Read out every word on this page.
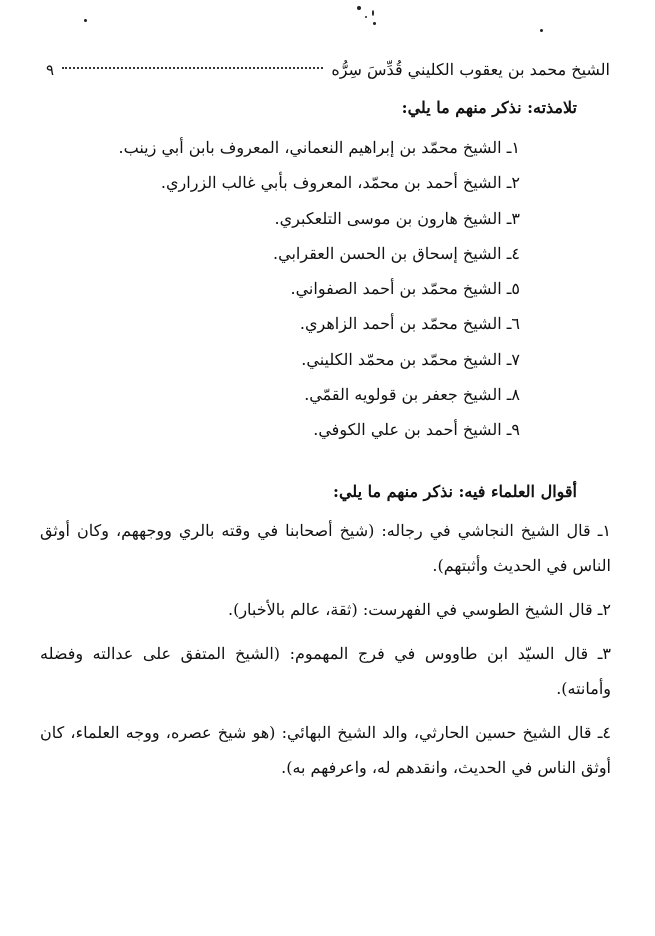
الشيخ محمد بن يعقوب الكليني قُدِّسَ سِرُّه
٩
تلامذته: نذكر منهم ما يلي:
١ـ الشيخ محمّد بن إبراهيم النعماني، المعروف بابن أبي زينب.
٢ـ الشيخ أحمد بن محمّد، المعروف بأبي غالب الزراري.
٣ـ الشيخ هارون بن موسى التلعكبري.
٤ـ الشيخ إسحاق بن الحسن العقرابي.
٥ـ الشيخ محمّد بن أحمد الصفواني.
٦ـ الشيخ محمّد بن أحمد الزاهري.
٧ـ الشيخ محمّد بن محمّد الكليني.
٨ـ الشيخ جعفر بن قولويه القمّي.
٩ـ الشيخ أحمد بن علي الكوفي.
أقوال العلماء فيه: نذكر منهم ما يلي:
١ـ قال الشيخ النجاشي في رجاله: (شيخ أصحابنا في وقته بالري ووجههم، وكان أوثق الناس في الحديث وأثبتهم).
٢ـ قال الشيخ الطوسي في الفهرست: (ثقة، عالم بالأخبار).
٣ـ قال السيّد ابن طاووس في فرج المهموم: (الشيخ المتفق على عدالته وفضله وأمانته).
٤ـ قال الشيخ حسين الحارثي، والد الشيخ البهائي: (هو شيخ عصره، ووجه العلماء، كان أوثق الناس في الحديث، وانقدهم له، واعرفهم به).
